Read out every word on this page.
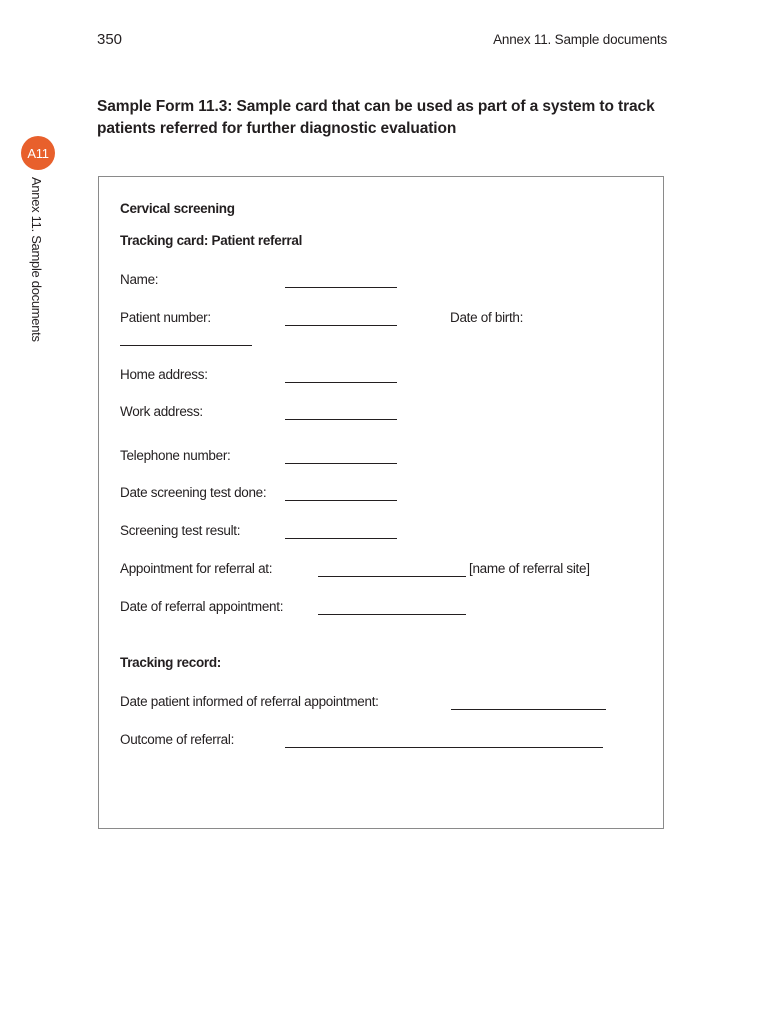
350	Annex 11. Sample documents
Sample Form 11.3: Sample card that can be used as part of a system to track patients referred for further diagnostic evaluation
A11
Annex 11. Sample documents	Cervical screening
Tracking card: Patient referral
Name:
Patient number:	Date of birth:
Home address:
Work address:
Telephone number:
Date screening test done:
Screening test result:
Appointment for referral at:	[name of referral site]
Date of referral appointment:
Tracking record:
Date patient informed of referral appointment:
Outcome of referral:
